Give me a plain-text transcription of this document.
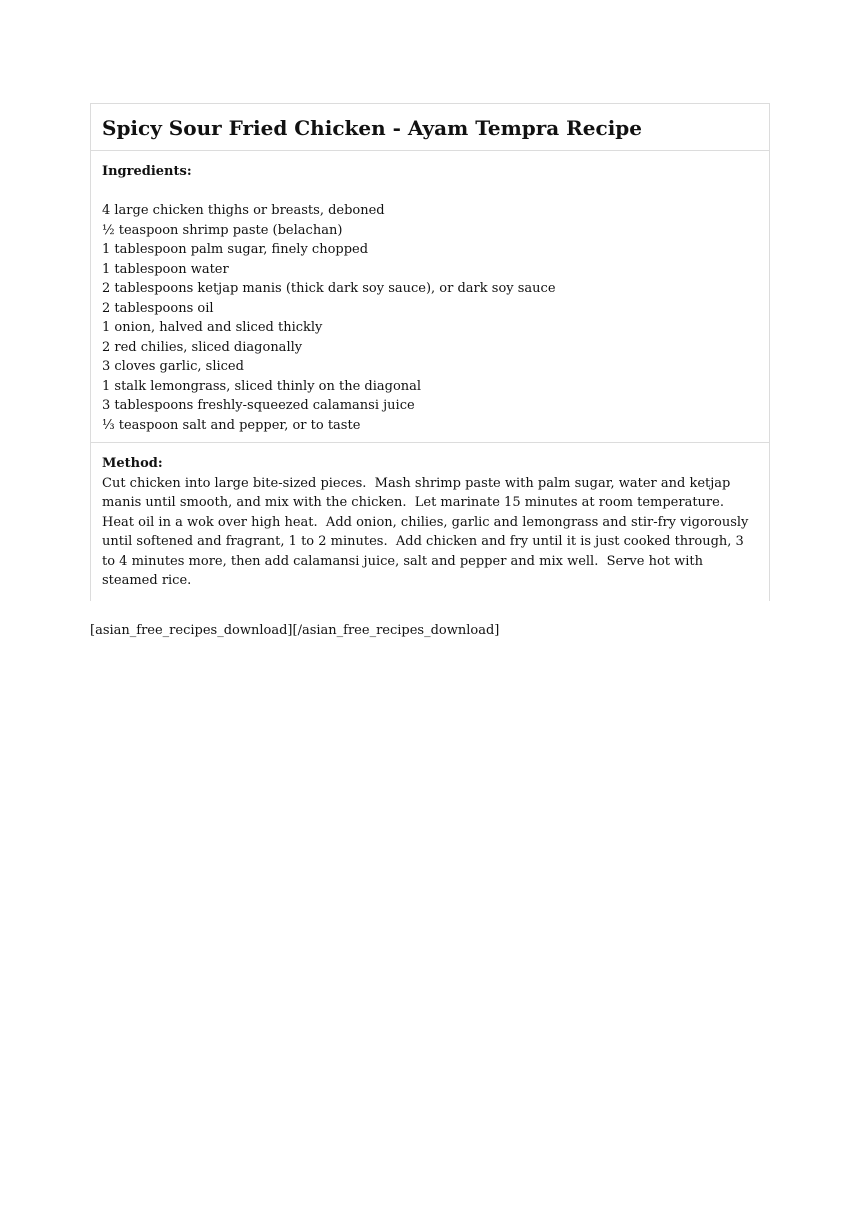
Spicy Sour Fried Chicken - Ayam Tempra Recipe
Ingredients:
4 large chicken thighs or breasts, deboned
½ teaspoon shrimp paste (belachan)
1 tablespoon palm sugar, finely chopped
1 tablespoon water
2 tablespoons ketjap manis (thick dark soy sauce), or dark soy sauce
2 tablespoons oil
1 onion, halved and sliced thickly
2 red chilies, sliced diagonally
3 cloves garlic, sliced
1 stalk lemongrass, sliced thinly on the diagonal
3 tablespoons freshly-squeezed calamansi juice
⅓ teaspoon salt and pepper, or to taste
Method:

Cut chicken into large bite-sized pieces.  Mash shrimp paste with palm sugar, water and ketjap manis until smooth, and mix with the chicken.  Let marinate 15 minutes at room temperature.  Heat oil in a wok over high heat.  Add onion, chilies, garlic and lemongrass and stir-fry vigorously until softened and fragrant, 1 to 2 minutes.  Add chicken and fry until it is just cooked through, 3 to 4 minutes more, then add calamansi juice, salt and pepper and mix well.  Serve hot with steamed rice.

[asian_free_recipes_download][/asian_free_recipes_download]
